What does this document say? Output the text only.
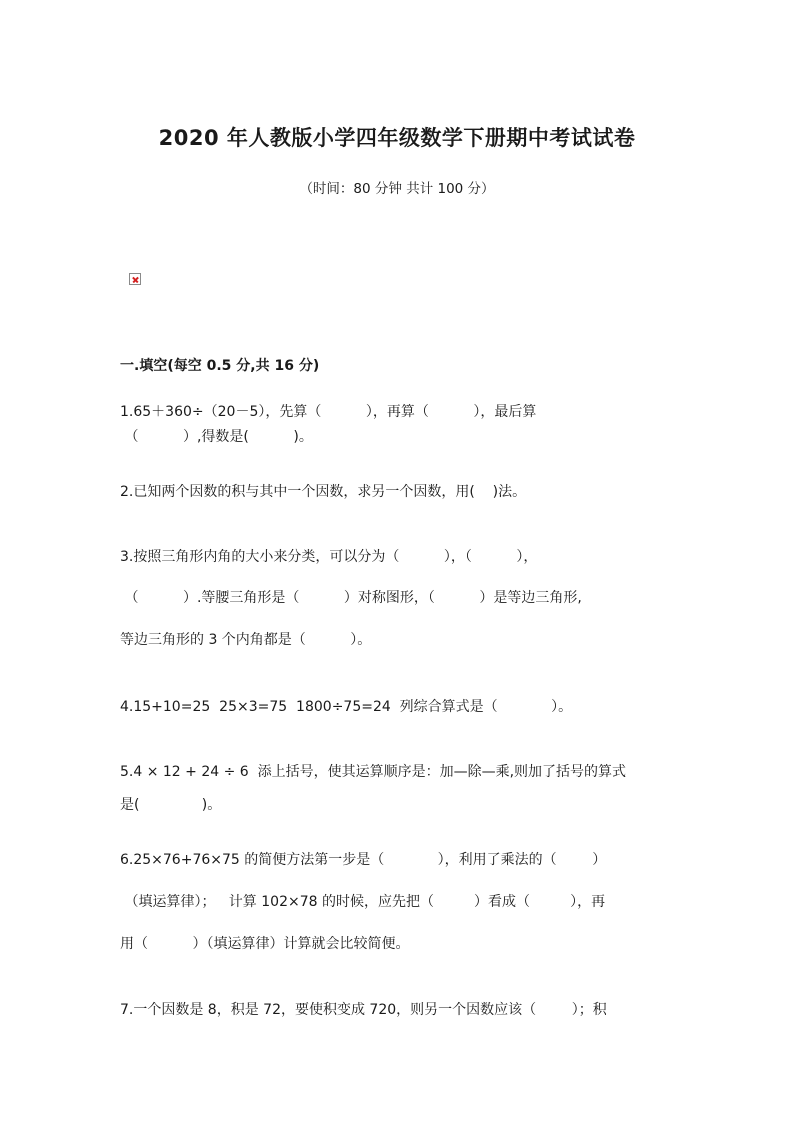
2020 年人教版小学四年级数学下册期中考试试卷
（时间：80 分钟 共计 100 分）
一.填空(每空 0.5 分,共 16 分)
1.65＋360÷（20－5），先算（          ），再算（          ），最后算
（          ）,得数是(          )。
2.已知两个因数的积与其中一个因数，求另一个因数，用(    )法。
3.按照三角形内角的大小来分类，可以分为（          ），（          ），
（          ）.等腰三角形是（          ）对称图形，（          ）是等边三角形,
等边三角形的 3 个内角都是（          ）。
4.15+10=25  25×3=75  1800÷75=24  列综合算式是（            ）。
5.4 × 12 + 24 ÷ 6  添上括号，使其运算顺序是：加—除—乘,则加了括号的算式
是(              )。
6.25×76+76×75 的简便方法第一步是（            ），利用了乘法的（        ）
（填运算律）；   计算 102×78 的时候，应先把（         ）看成（         ），再
用（          ）（填运算律）计算就会比较简便。
7.一个因数是 8，积是 72，要使积变成 720，则另一个因数应该（        ）；积
